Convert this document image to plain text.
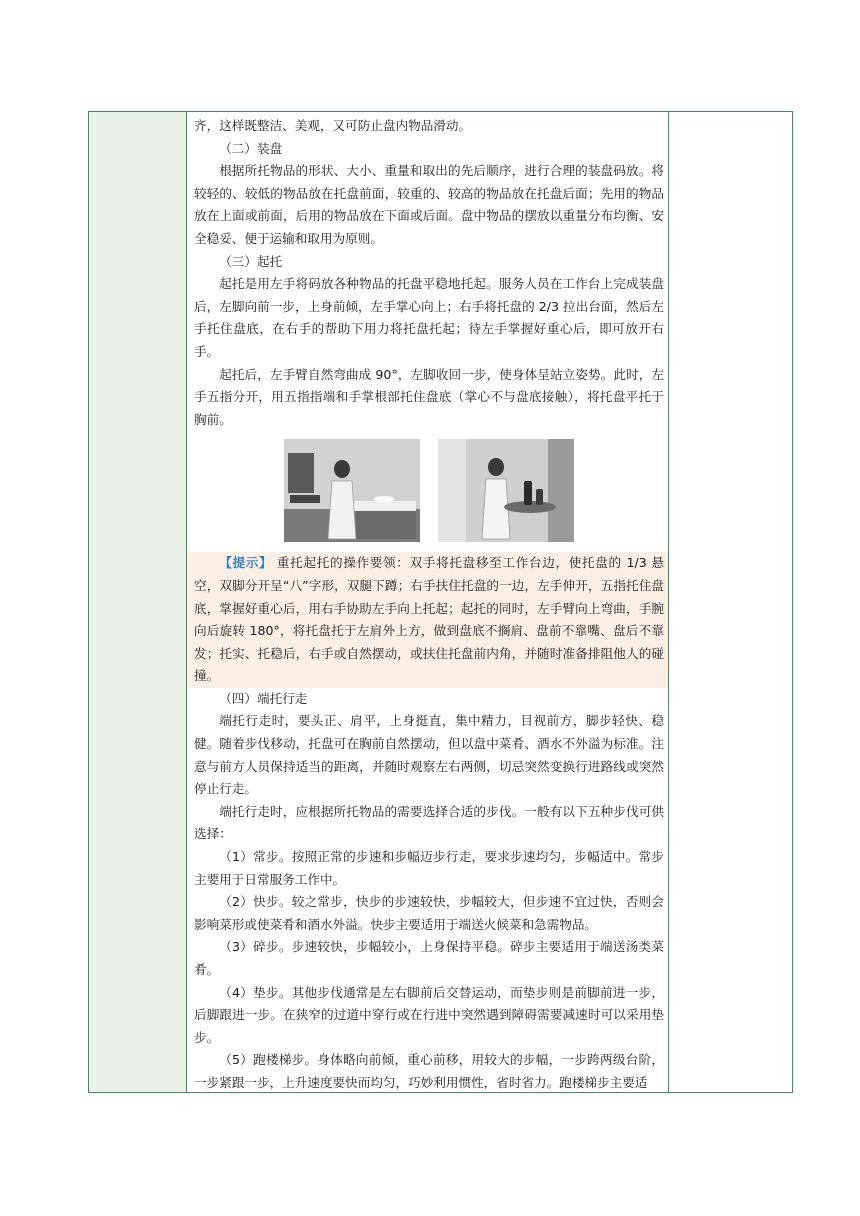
齐，这样既整洁、美观，又可防止盘内物品滑动。

（二）装盘

根据所托物品的形状、大小、重量和取出的先后顺序，进行合理的装盘码放。将较轻的、较低的物品放在托盘前面，较重的、较高的物品放在托盘后面；先用的物品放在上面或前面，后用的物品放在下面或后面。盘中物品的摆放以重量分布均衡、安全稳妥、便于运输和取用为原则。

（三）起托

起托是用左手将码放各种物品的托盘平稳地托起。服务人员在工作台上完成装盘后，左脚向前一步，上身前倾，左手掌心向上；右手将托盘的 2/3 拉出台面，然后左手托住盘底，在右手的帮助下用力将托盘托起；待左手掌握好重心后，即可放开右手。

起托后，左手臂自然弯曲成 90°，左脚收回一步，使身体呈站立姿势。此时，左手五指分开，用五指指端和手掌根部托住盘底（掌心不与盘底接触），将托盘平托于胸前。

【提示】 重托起托的操作要领：双手将托盘移至工作台边，使托盘的 1/3 悬空，双脚分开呈“八”字形，双腿下蹲；右手扶住托盘的一边，左手伸开，五指托住盘底，掌握好重心后，用右手协助左手向上托起；起托的同时，左手臂向上弯曲，手腕向后旋转 180°，将托盘托于左肩外上方，做到盘底不搁肩、盘前不靠嘴、盘后不靠发；托实、托稳后，右手或自然摆动，或扶住托盘前内角，并随时准备排阻他人的碰撞。

（四）端托行走

端托行走时，要头正、肩平，上身挺直，集中精力，目视前方，脚步轻快、稳健。随着步伐移动，托盘可在胸前自然摆动，但以盘中菜肴、酒水不外溢为标准。注意与前方人员保持适当的距离，并随时观察左右两侧，切忌突然变换行进路线或突然停止行走。

端托行走时，应根据所托物品的需要选择合适的步伐。一般有以下五种步伐可供选择：

（1）常步。按照正常的步速和步幅迈步行走，要求步速均匀，步幅适中。常步主要用于日常服务工作中。

（2）快步。较之常步，快步的步速较快，步幅较大，但步速不宜过快，否则会影响菜形或使菜肴和酒水外溢。快步主要适用于端送火候菜和急需物品。

（3）碎步。步速较快，步幅较小，上身保持平稳。碎步主要适用于端送汤类菜肴。

（4）垫步。其他步伐通常是左右脚前后交替运动，而垫步则是前脚前进一步，后脚跟进一步。在狭窄的过道中穿行或在行进中突然遇到障碍需要减速时可以采用垫步。

（5）跑楼梯步。身体略向前倾，重心前移，用较大的步幅，一步跨两级台阶，一步紧跟一步，上升速度要快而均匀，巧妙利用惯性，省时省力。跑楼梯步主要适
